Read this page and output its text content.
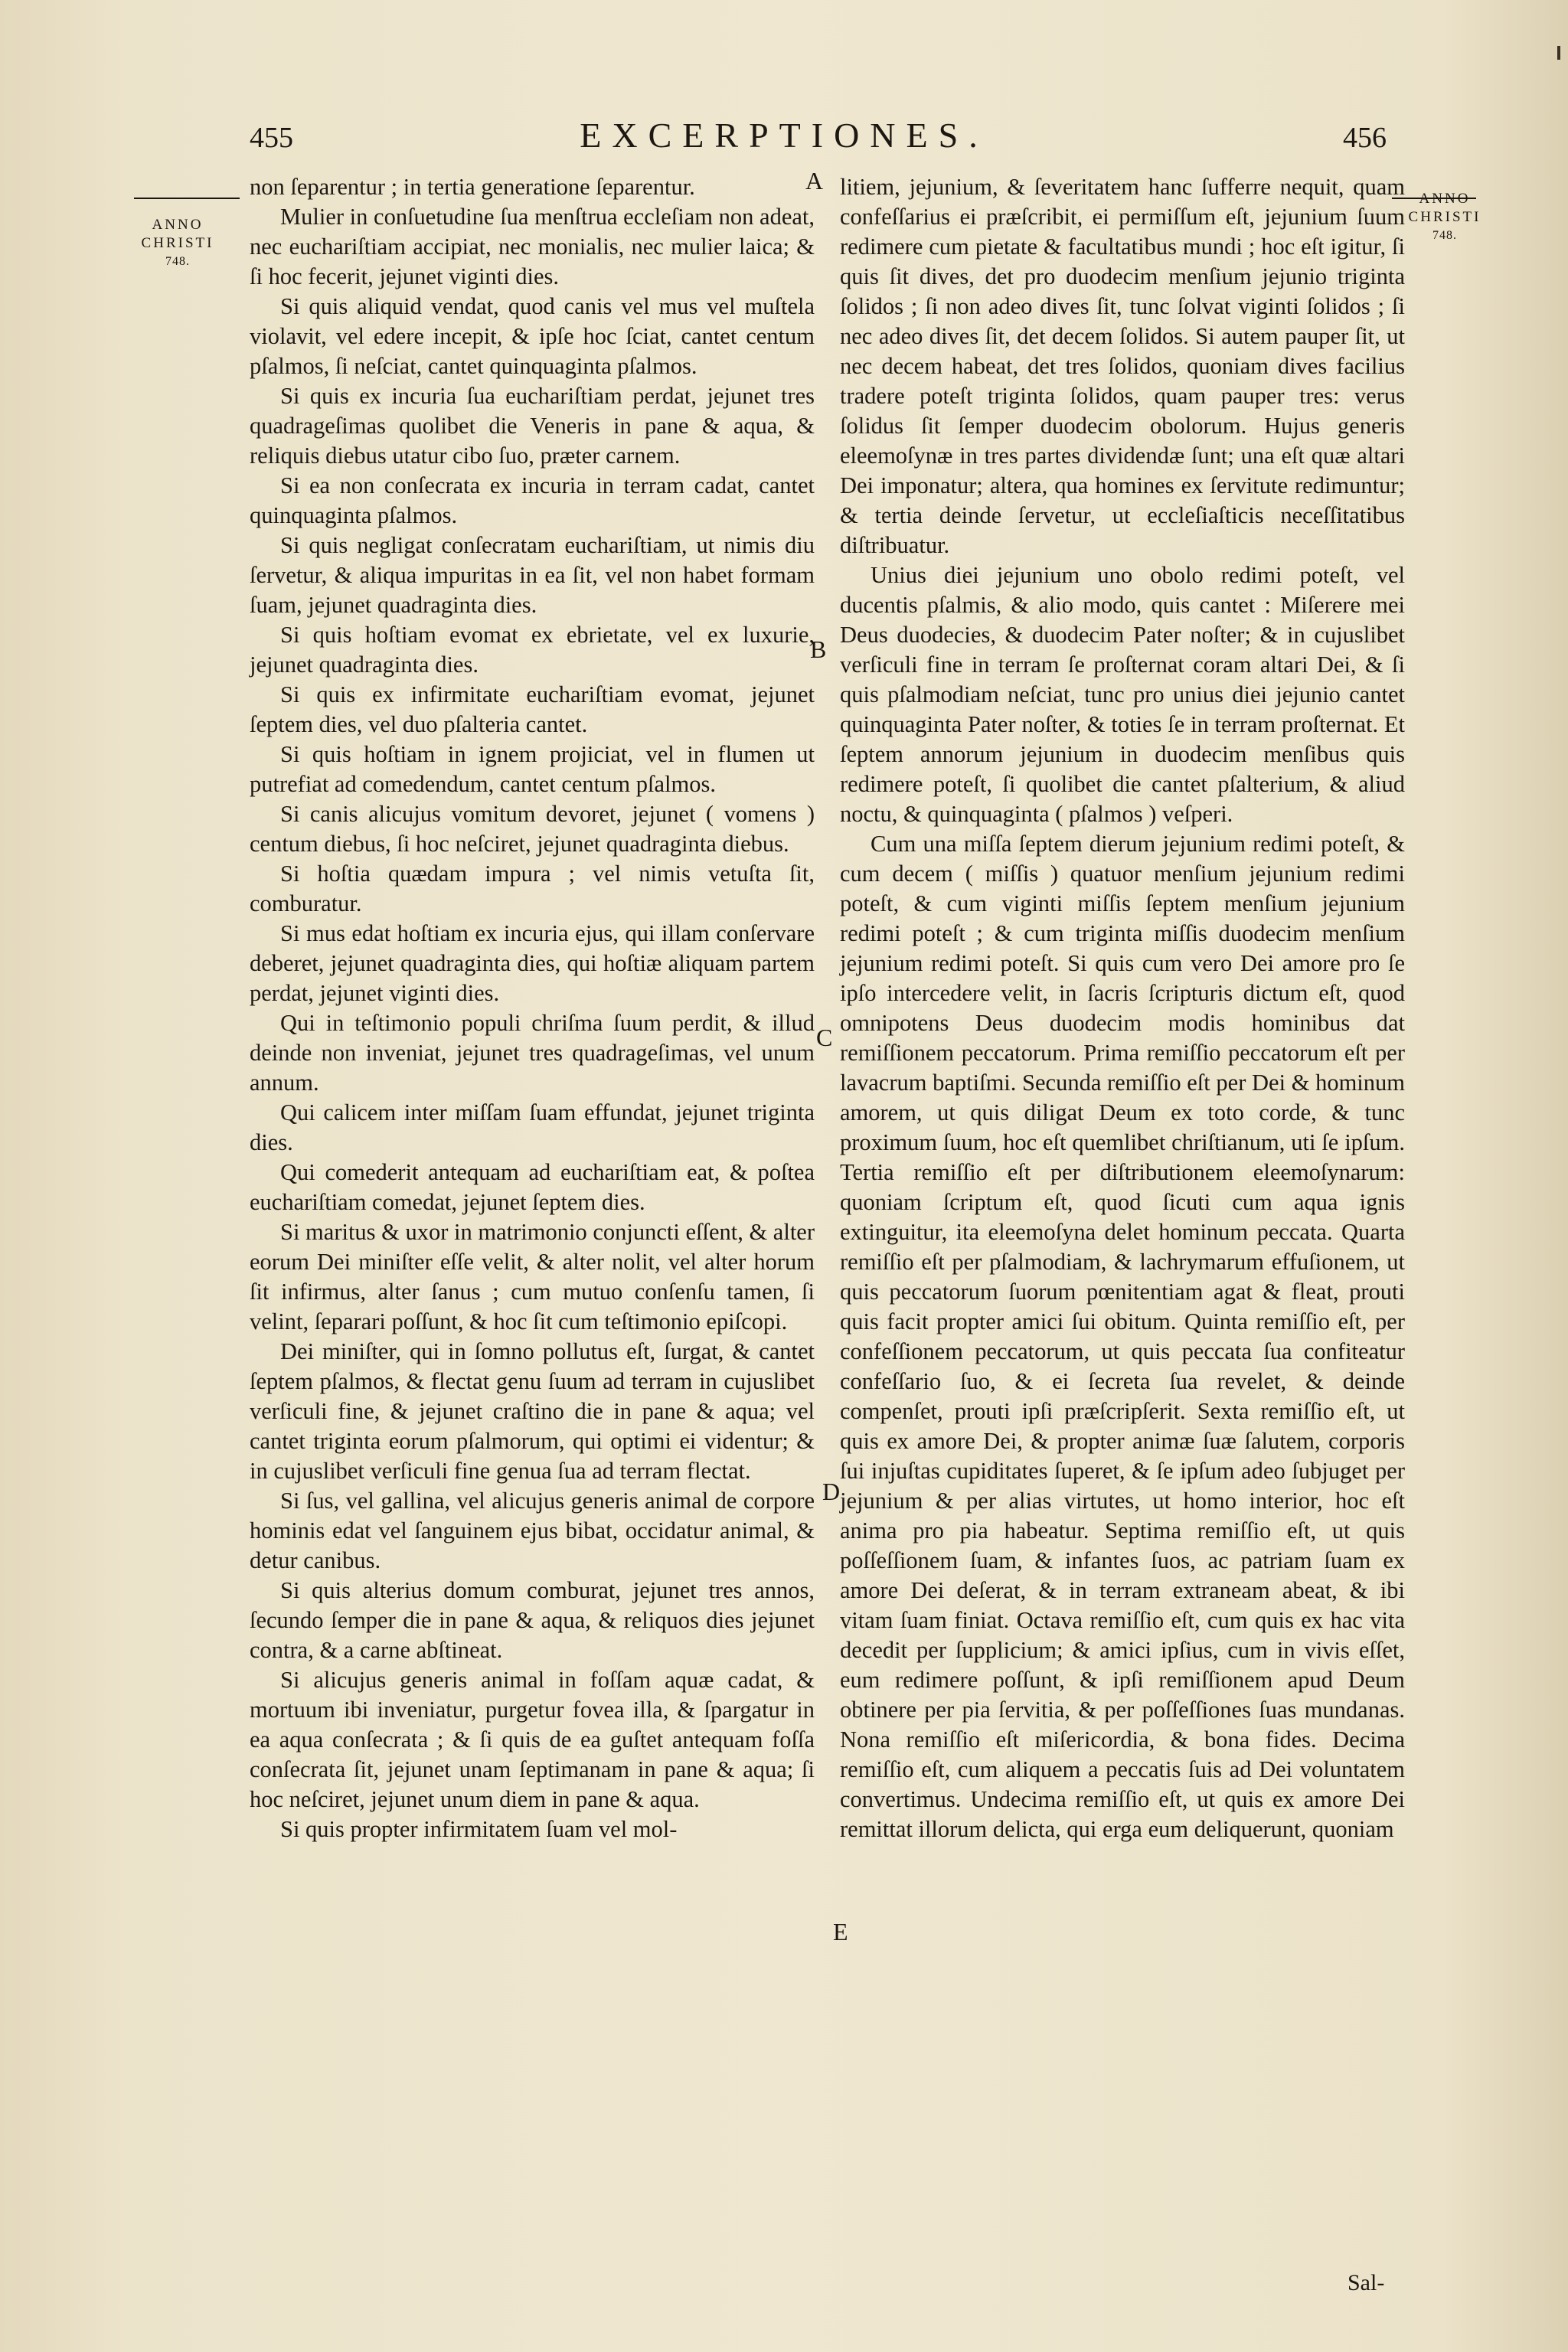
EXCERPTIONES.
455	456
ANNO
CHRISTI
748.
ANNO
CHRISTI
748.
A
B
C
D
E

non ſeparentur ; in tertia generatione ſeparentur.

Mulier in conſuetudine ſua menſtrua eccleſiam non adeat, nec euchariſtiam accipiat, nec monialis, nec mulier laica; & ſi hoc fecerit, jejunet viginti dies.

Si quis aliquid vendat, quod canis vel mus vel muſtela violavit, vel edere incepit, & ipſe hoc ſciat, cantet centum pſalmos, ſi neſciat, cantet quinquaginta pſalmos.

Si quis ex incuria ſua euchariſtiam perdat, jejunet tres quadrageſimas quolibet die Veneris in pane & aqua, & reliquis diebus utatur cibo ſuo, præter carnem.

Si ea non conſecrata ex incuria in terram cadat, cantet quinquaginta pſalmos.

Si quis negligat conſecratam euchariſtiam, ut nimis diu ſervetur, & aliqua impuritas in ea ſit, vel non habet formam ſuam, jejunet quadraginta dies.

Si quis hoſtiam evomat ex ebrietate, vel ex luxurie, jejunet quadraginta dies.

Si quis ex infirmitate euchariſtiam evomat, jejunet ſeptem dies, vel duo pſalteria cantet.

Si quis hoſtiam in ignem projiciat, vel in flumen ut putrefiat ad comedendum, cantet centum pſalmos.

Si canis alicujus vomitum devoret, jejunet ( vomens ) centum diebus, ſi hoc neſciret, jejunet quadraginta diebus.

Si hoſtia quædam impura ; vel nimis vetuſta ſit, comburatur.

Si mus edat hoſtiam ex incuria ejus, qui illam conſervare deberet, jejunet quadraginta dies, qui hoſtiæ aliquam partem perdat, jejunet viginti dies.

Qui in teſtimonio populi chriſma ſuum perdit, & illud deinde non inveniat, jejunet tres quadrageſimas, vel unum annum.

Qui calicem inter miſſam ſuam effundat, jejunet triginta dies.

Qui comederit antequam ad euchariſtiam eat, & poſtea euchariſtiam comedat, jejunet ſeptem dies.

Si maritus & uxor in matrimonio conjuncti eſſent, & alter eorum Dei miniſter eſſe velit, & alter nolit, vel alter horum ſit infirmus, alter ſanus ; cum mutuo conſenſu tamen, ſi velint, ſeparari poſſunt, & hoc ſit cum teſtimonio epiſcopi.

Dei miniſter, qui in ſomno pollutus eſt, ſurgat, & cantet ſeptem pſalmos, & flectat genu ſuum ad terram in cujuslibet verſiculi fine, & jejunet craſtino die in pane & aqua; vel cantet triginta eorum pſalmorum, qui optimi ei videntur; & in cujuslibet verſiculi fine genua ſua ad terram flectat.

Si ſus, vel gallina, vel alicujus generis animal de corpore hominis edat vel ſanguinem ejus bibat, occidatur animal, & detur canibus.

Si quis alterius domum comburat, jejunet tres annos, ſecundo ſemper die in pane & aqua, & reliquos dies jejunet contra, & a carne abſtineat.

Si alicujus generis animal in foſſam aquæ cadat, & mortuum ibi inveniatur, purgetur fovea illa, & ſpargatur in ea aqua conſecrata ; & ſi quis de ea guſtet antequam foſſa conſecrata ſit, jejunet unam ſeptimanam in pane & aqua; ſi hoc neſciret, jejunet unum diem in pane & aqua.

Si quis propter infirmitatem ſuam vel mol-

litiem, jejunium, & ſeveritatem hanc ſufferre nequit, quam confeſſarius ei præſcribit, ei permiſſum eſt, jejunium ſuum redimere cum pietate & facultatibus mundi ; hoc eſt igitur, ſi quis ſit dives, det pro duodecim menſium jejunio triginta ſolidos ; ſi non adeo dives ſit, tunc ſolvat viginti ſolidos ; ſi nec adeo dives ſit, det decem ſolidos. Si autem pauper ſit, ut nec decem habeat, det tres ſolidos, quoniam dives facilius tradere poteſt triginta ſolidos, quam pauper tres: verus ſolidus ſit ſemper duodecim obolorum. Hujus generis eleemoſynæ in tres partes dividendæ ſunt; una eſt quæ altari Dei imponatur; altera, qua homines ex ſervitute redimuntur; & tertia deinde ſervetur, ut eccleſiaſticis neceſſitatibus diſtribuatur.

Unius diei jejunium uno obolo redimi poteſt, vel ducentis pſalmis, & alio modo, quis cantet : Miſerere mei Deus duodecies, & duodecim Pater noſter; & in cujuslibet verſiculi fine in terram ſe proſternat coram altari Dei, & ſi quis pſalmodiam neſciat, tunc pro unius diei jejunio cantet quinquaginta Pater noſter, & toties ſe in terram proſternat. Et ſeptem annorum jejunium in duodecim menſibus quis redimere poteſt, ſi quolibet die cantet pſalterium, & aliud noctu, & quinquaginta ( pſalmos ) veſperi.

Cum una miſſa ſeptem dierum jejunium redimi poteſt, & cum decem ( miſſis ) quatuor menſium jejunium redimi poteſt, & cum viginti miſſis ſeptem menſium jejunium redimi poteſt ; & cum triginta miſſis duodecim menſium jejunium redimi poteſt. Si quis cum vero Dei amore pro ſe ipſo intercedere velit, in ſacris ſcripturis dictum eſt, quod omnipotens Deus duodecim modis hominibus dat remiſſionem peccatorum. Prima remiſſio peccatorum eſt per lavacrum baptiſmi. Secunda remiſſio eſt per Dei & hominum amorem, ut quis diligat Deum ex toto corde, & tunc proximum ſuum, hoc eſt quemlibet chriſtianum, uti ſe ipſum. Tertia remiſſio eſt per diſtributionem eleemoſynarum: quoniam ſcriptum eſt, quod ſicuti cum aqua ignis extinguitur, ita eleemoſyna delet hominum peccata. Quarta remiſſio eſt per pſalmodiam, & lachrymarum effuſionem, ut quis peccatorum ſuorum pœnitentiam agat & fleat, prouti quis facit propter amici ſui obitum. Quinta remiſſio eſt, per confeſſionem peccatorum, ut quis peccata ſua confiteatur confeſſario ſuo, & ei ſecreta ſua revelet, & deinde compenſet, prouti ipſi præſcripſerit. Sexta remiſſio eſt, ut quis ex amore Dei, & propter animæ ſuæ ſalutem, corporis ſui injuſtas cupiditates ſuperet, & ſe ipſum adeo ſubjuget per jejunium & per alias virtutes, ut homo interior, hoc eſt anima pro pia habeatur. Septima remiſſio eſt, ut quis poſſeſſionem ſuam, & infantes ſuos, ac patriam ſuam ex amore Dei deſerat, & in terram extraneam abeat, & ibi vitam ſuam finiat. Octava remiſſio eſt, cum quis ex hac vita decedit per ſupplicium; & amici ipſius, cum in vivis eſſet, eum redimere poſſunt, & ipſi remiſſionem apud Deum obtinere per pia ſervitia, & per poſſeſſiones ſuas mundanas. Nona remiſſio eſt miſericordia, & bona fides. Decima remiſſio eſt, cum aliquem a peccatis ſuis ad Dei voluntatem convertimus. Undecima remiſſio eſt, ut quis ex amore Dei remittat illorum delicta, qui erga eum deliquerunt, quoniam

Sal-
